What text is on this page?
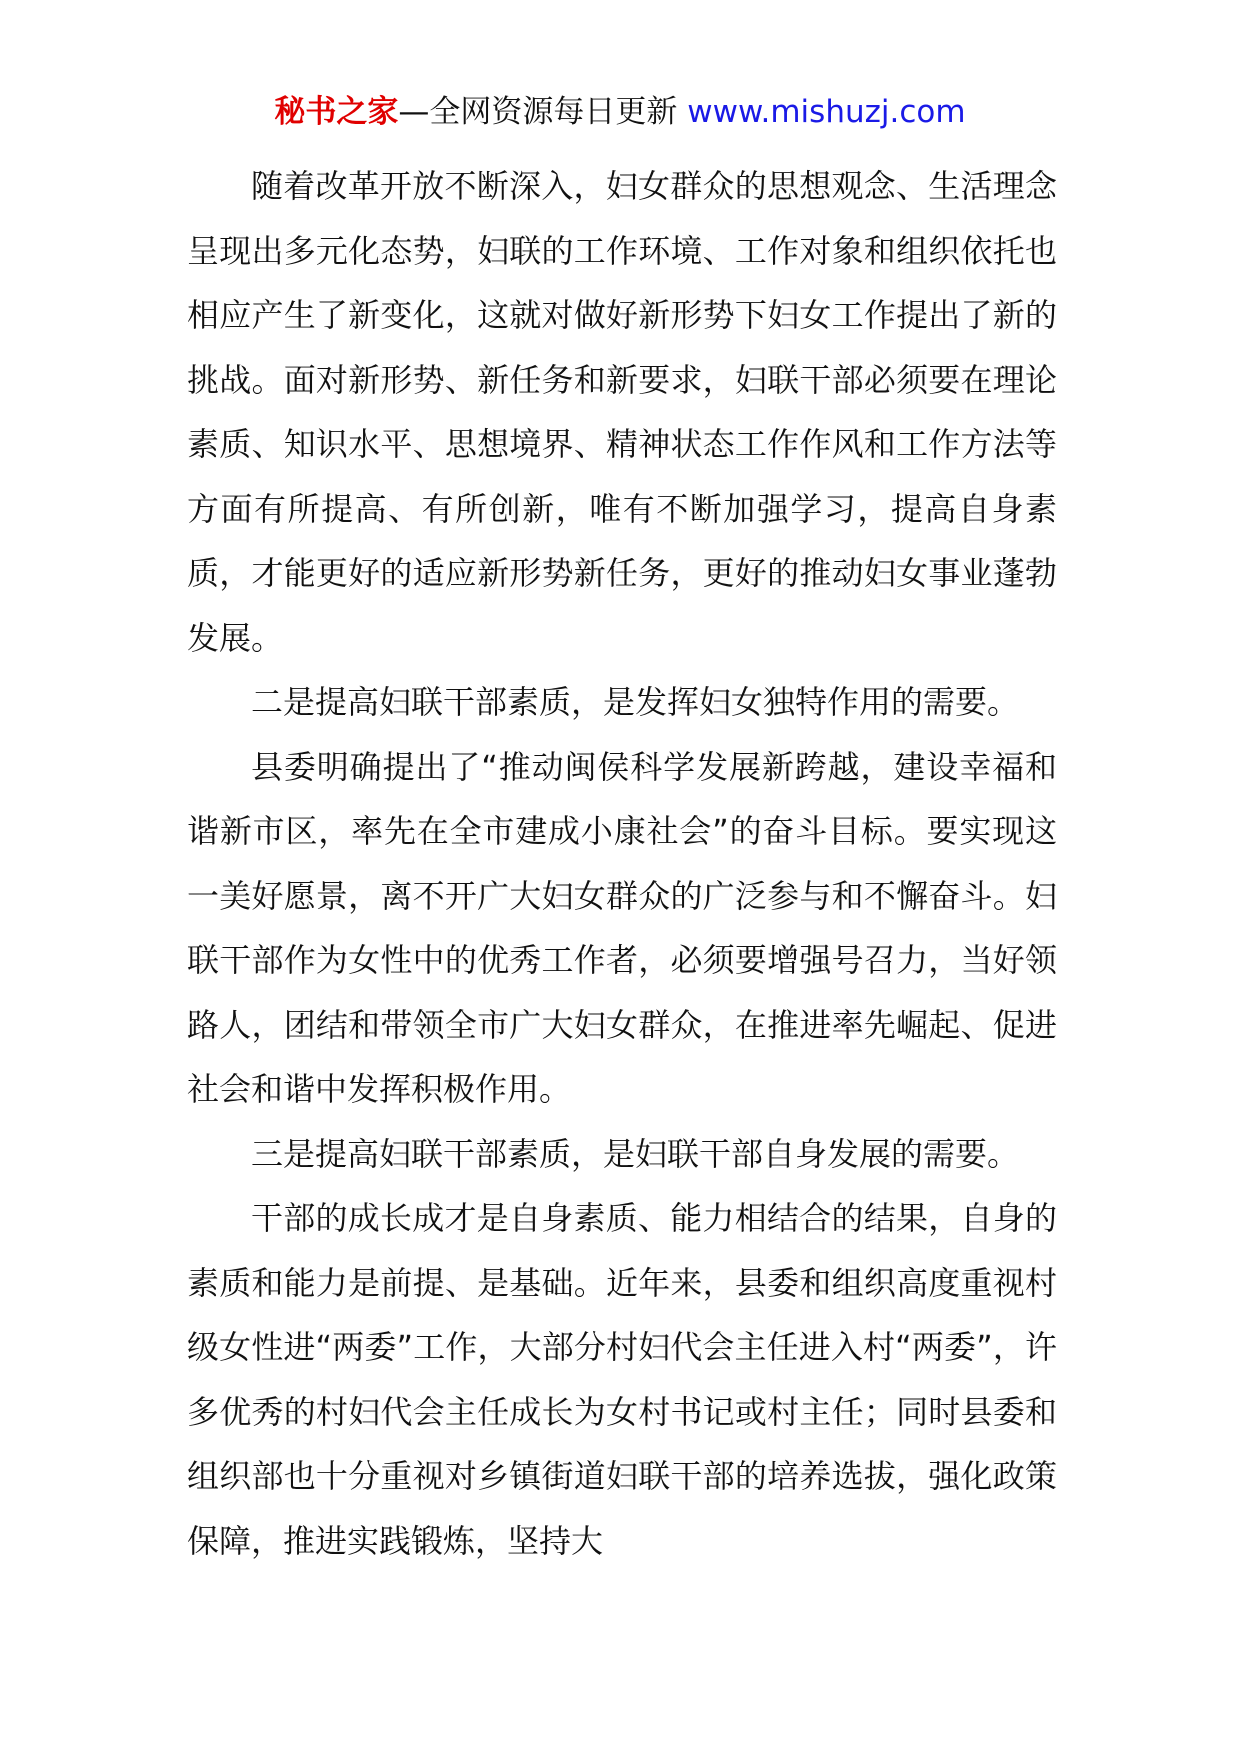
秘书之家—全网资源每日更新 www.mishuzj.com

随着改革开放不断深入，妇女群众的思想观念、生活理念呈现出多元化态势，妇联的工作环境、工作对象和组织依托也相应产生了新变化，这就对做好新形势下妇女工作提出了新的挑战。面对新形势、新任务和新要求，妇联干部必须要在理论素质、知识水平、思想境界、精神状态工作作风和工作方法等方面有所提高、有所创新，唯有不断加强学习，提高自身素质，才能更好的适应新形势新任务，更好的推动妇女事业蓬勃发展。

二是提高妇联干部素质，是发挥妇女独特作用的需要。

县委明确提出了“推动闽侯科学发展新跨越，建设幸福和谐新市区，率先在全市建成小康社会”的奋斗目标。要实现这一美好愿景，离不开广大妇女群众的广泛参与和不懈奋斗。妇联干部作为女性中的优秀工作者，必须要增强号召力，当好领路人，团结和带领全市广大妇女群众，在推进率先崛起、促进社会和谐中发挥积极作用。

三是提高妇联干部素质，是妇联干部自身发展的需要。

干部的成长成才是自身素质、能力相结合的结果，自身的素质和能力是前提、是基础。近年来，县委和组织高度重视村级女性进“两委”工作，大部分村妇代会主任进入村“两委”，许多优秀的村妇代会主任成长为女村书记或村主任；同时县委和组织部也十分重视对乡镇街道妇联干部的培养选拔，强化政策保障，推进实践锻炼，坚持大
